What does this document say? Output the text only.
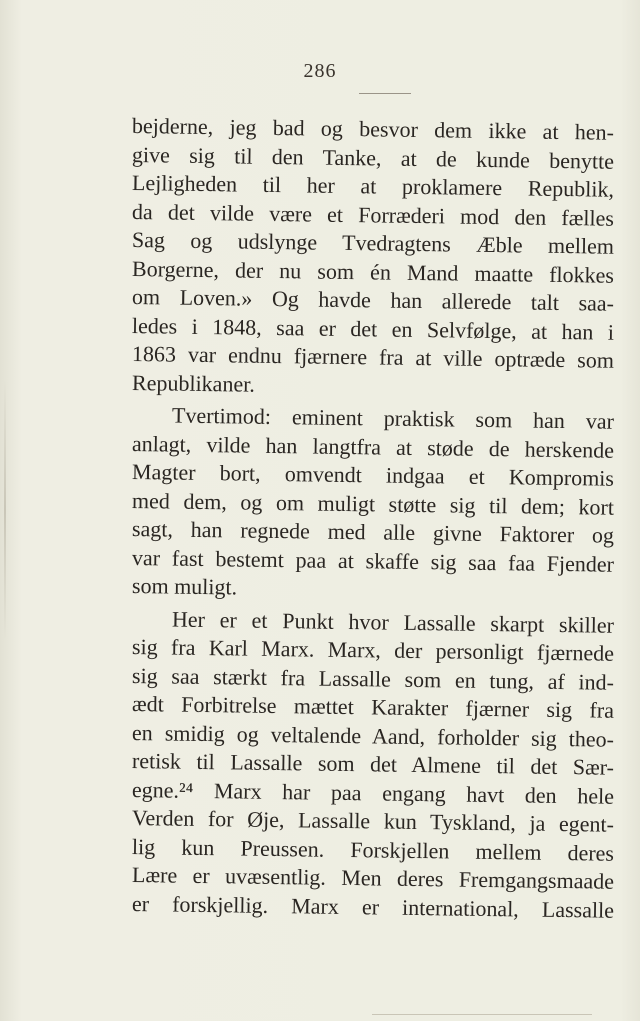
286
bejderne, jeg bad og besvor dem ikke at hen-
give sig til den Tanke, at de kunde benytte
Lejligheden til her at proklamere Republik,
da det vilde være et Forræderi mod den fælles
Sag og udslynge Tvedragtens Æble mellem
Borgerne, der nu som én Mand maatte flokkes
om Loven.» Og havde han allerede talt saa-
ledes i 1848, saa er det en Selvfølge, at han i
1863 var endnu fjærnere fra at ville optræde som
Republikaner.
Tvertimod: eminent praktisk som han var
anlagt, vilde han langtfra at støde de herskende
Magter bort, omvendt indgaa et Kompromis
med dem, og om muligt støtte sig til dem; kort
sagt, han regnede med alle givne Faktorer og
var fast bestemt paa at skaffe sig saa faa Fjender
som muligt.
Her er et Punkt hvor Lassalle skarpt skiller
sig fra Karl Marx. Marx, der personligt fjærnede
sig saa stærkt fra Lassalle som en tung, af ind-
ædt Forbitrelse mættet Karakter fjærner sig fra
en smidig og veltalende Aand, forholder sig theo-
retisk til Lassalle som det Almene til det Sær-
egne.²⁴ Marx har paa engang havt den hele
Verden for Øje, Lassalle kun Tyskland, ja egent-
lig kun Preussen. Forskjellen mellem deres
Lære er uvæsentlig. Men deres Fremgangsmaade
er forskjellig. Marx er international, Lassalle
